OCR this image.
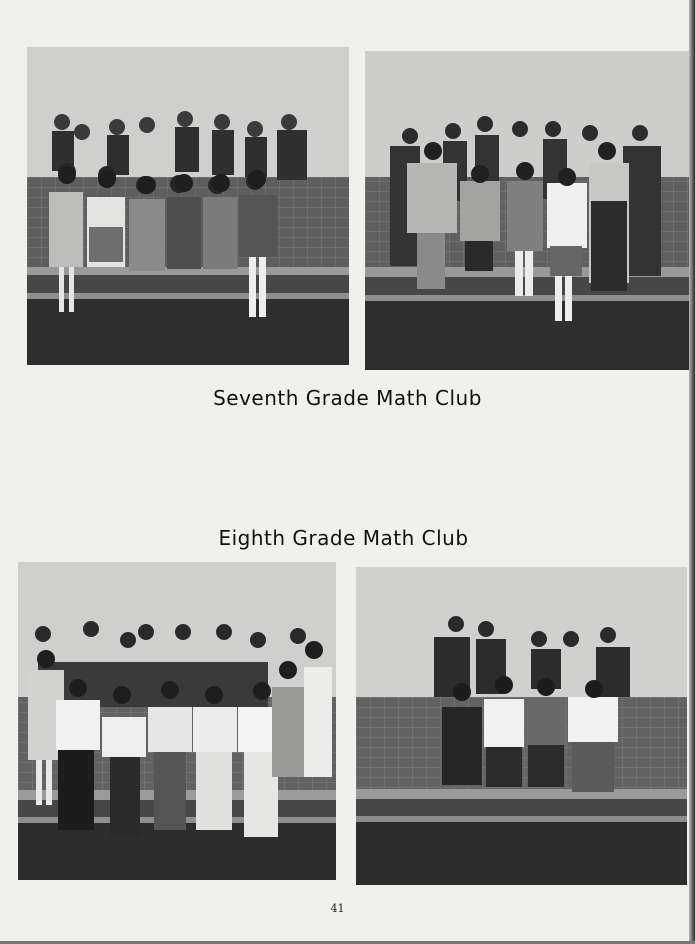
Seventh Grade Math Club
Eighth Grade Math Club
41
